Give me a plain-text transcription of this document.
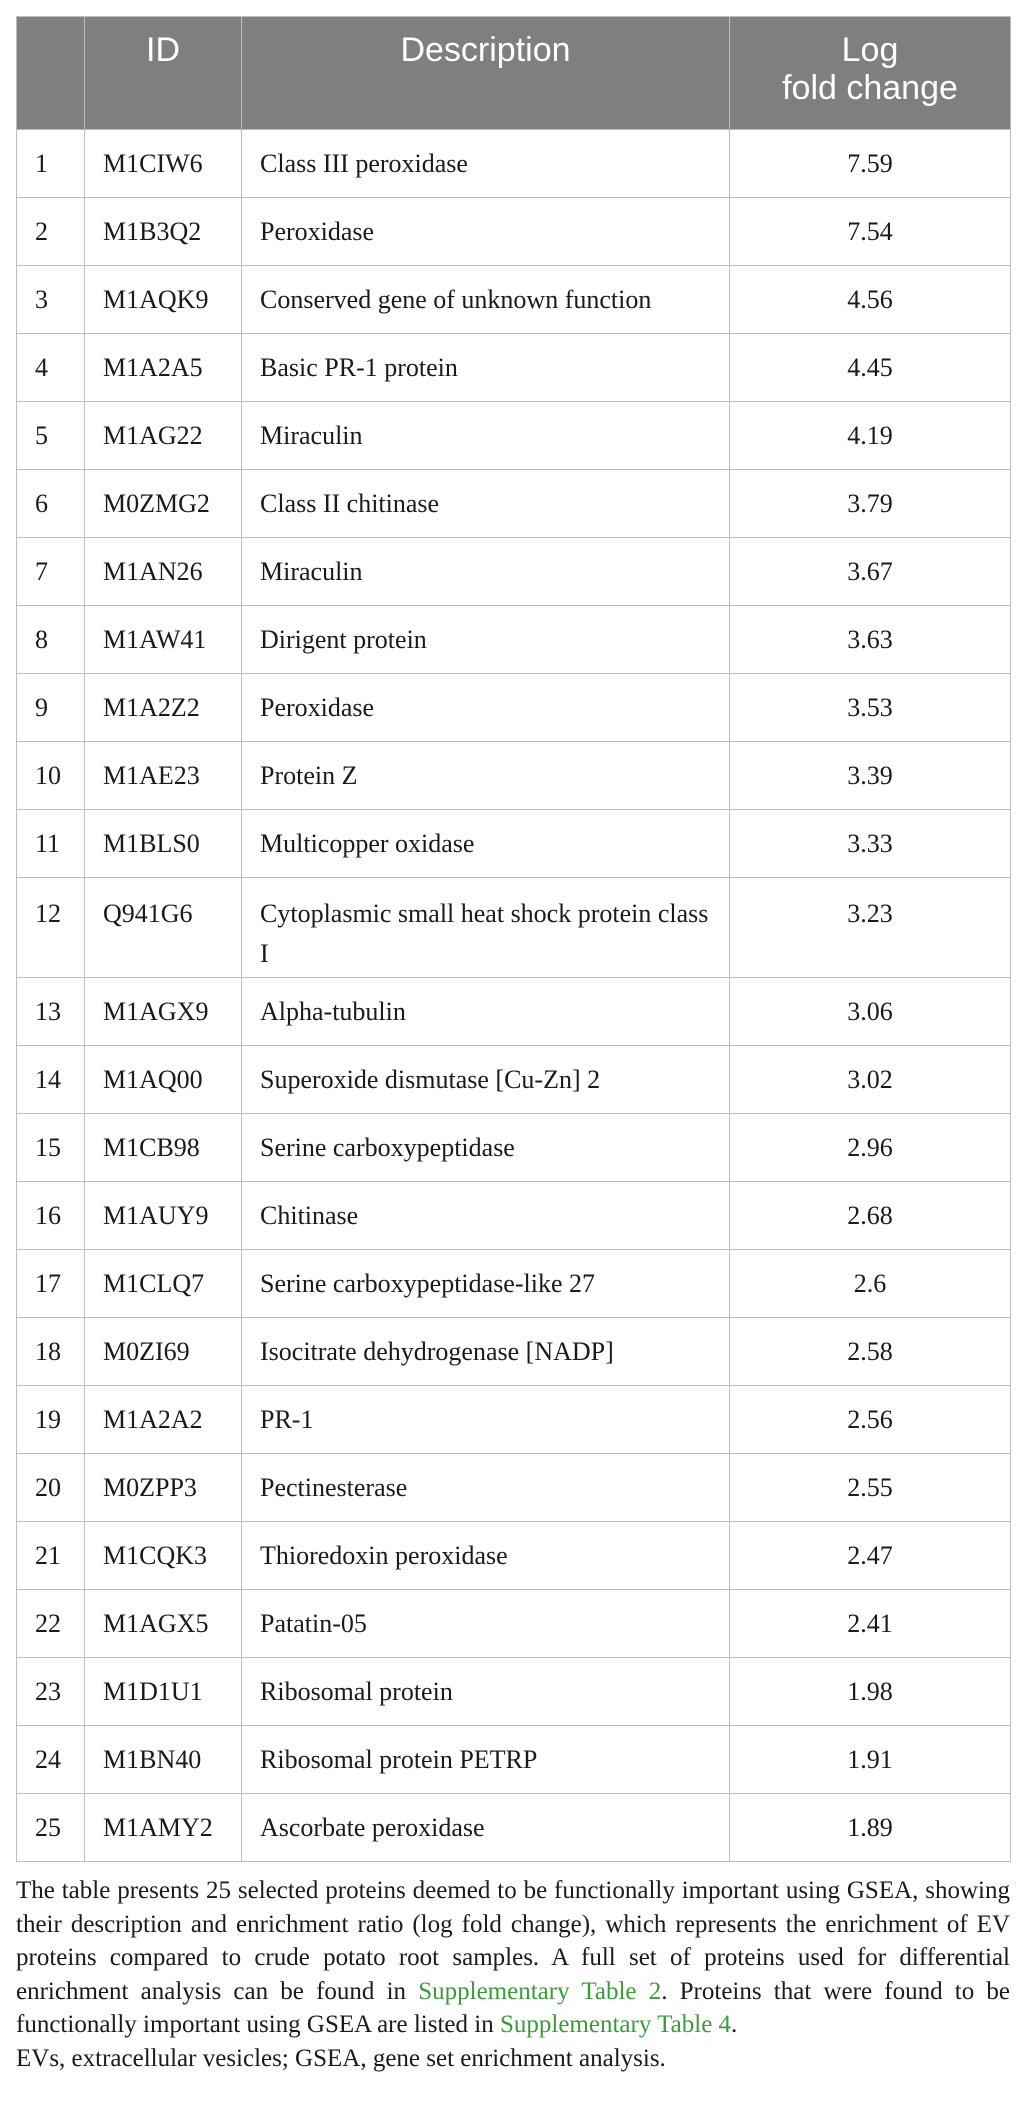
	ID	Description	Log
fold change
1	M1CIW6	Class III peroxidase	7.59
2	M1B3Q2	Peroxidase	7.54
3	M1AQK9	Conserved gene of unknown function	4.56
4	M1A2A5	Basic PR-1 protein	4.45
5	M1AG22	Miraculin	4.19
6	M0ZMG2	Class II chitinase	3.79
7	M1AN26	Miraculin	3.67
8	M1AW41	Dirigent protein	3.63
9	M1A2Z2	Peroxidase	3.53
10	M1AE23	Protein Z	3.39
11	M1BLS0	Multicopper oxidase	3.33
12	Q941G6	Cytoplasmic small heat shock protein class I	3.23
13	M1AGX9	Alpha-tubulin	3.06
14	M1AQ00	Superoxide dismutase [Cu-Zn] 2	3.02
15	M1CB98	Serine carboxypeptidase	2.96
16	M1AUY9	Chitinase	2.68
17	M1CLQ7	Serine carboxypeptidase-like 27	2.6
18	M0ZI69	Isocitrate dehydrogenase [NADP]	2.58
19	M1A2A2	PR-1	2.56
20	M0ZPP3	Pectinesterase	2.55
21	M1CQK3	Thioredoxin peroxidase	2.47
22	M1AGX5	Patatin-05	2.41
23	M1D1U1	Ribosomal protein	1.98
24	M1BN40	Ribosomal protein PETRP	1.91
25	M1AMY2	Ascorbate peroxidase	1.89

The table presents 25 selected proteins deemed to be functionally important using GSEA, showing their description and enrichment ratio (log fold change), which represents the enrichment of EV proteins compared to crude potato root samples. A full set of proteins used for differential enrichment analysis can be found in Supplementary Table 2. Proteins that were found to be functionally important using GSEA are listed in Supplementary Table 4.

EVs, extracellular vesicles; GSEA, gene set enrichment analysis.
